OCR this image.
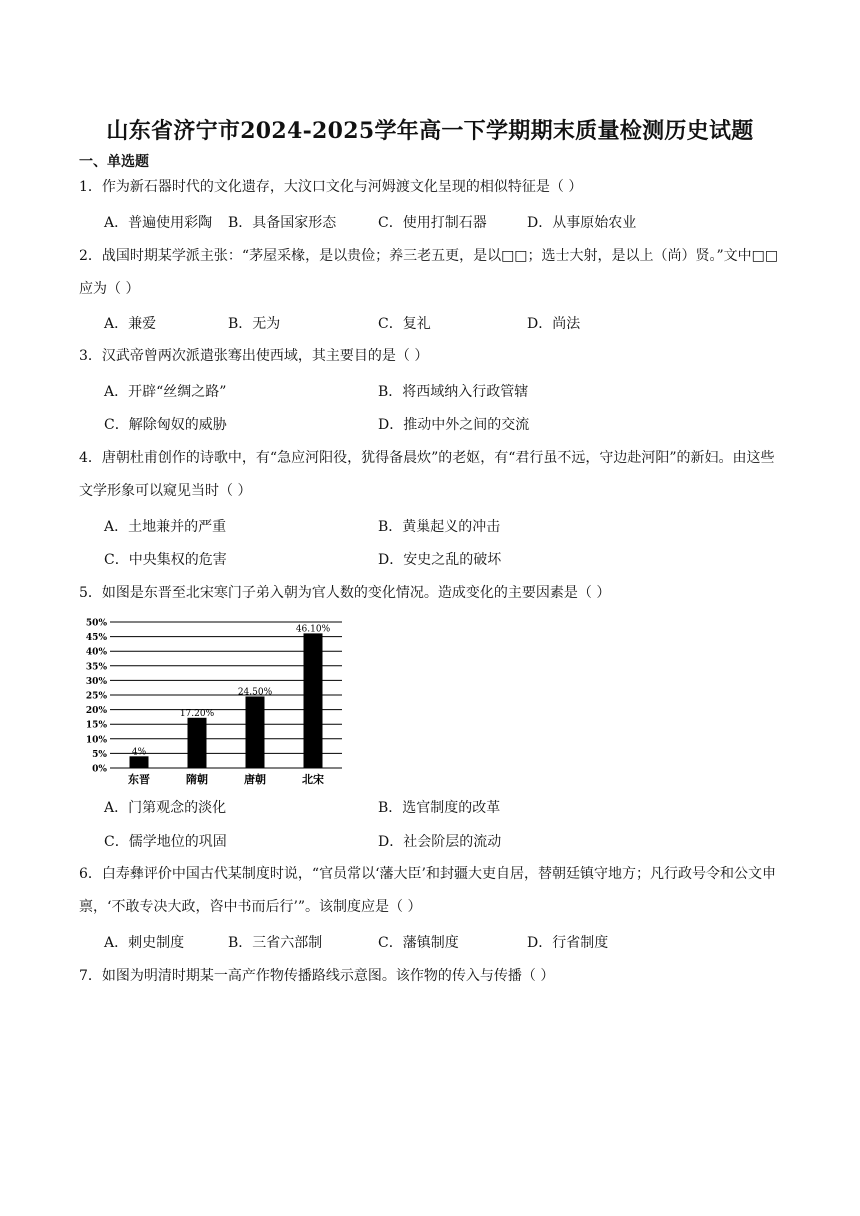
山东省济宁市2024-2025学年高一下学期期末质量检测历史试题
一、单选题
1．作为新石器时代的文化遗存，大汶口文化与河姆渡文化呈现的相似特征是（ ）
A．普遍使用彩陶 B．具备国家形态	C．使用打制石器	D．从事原始农业
2．战国时期某学派主张：“茅屋采椽，是以贵俭；养三老五更，是以□□；选士大射，是以上（尚）贤。”文中□□应为（ ）
A．兼爱	B．无为	C．复礼	D．尚法
3．汉武帝曾两次派遣张骞出使西域，其主要目的是（ ）
A．开辟“丝绸之路”	B．将西域纳入行政管辖
C．解除匈奴的威胁	D．推动中外之间的交流
4．唐朝杜甫创作的诗歌中，有“急应河阳役，犹得备晨炊”的老妪，有“君行虽不远，守边赴河阳”的新妇。由这些文学形象可以窥见当时（ ）
A．土地兼并的严重	B．黄巢起义的冲击
C．中央集权的危害	D．安史之乱的破坏
5．如图是东晋至北宋寒门子弟入朝为官人数的变化情况。造成变化的主要因素是（ ）
0%
5%
10%
15%
20%
25%
30%
35%
40%
45%
50%
4%
17.20%
24.50%
46.10%
东晋	隋朝	唐朝	北宋
A．门第观念的淡化	B．选官制度的改革
C．儒学地位的巩固	D．社会阶层的流动
6．白寿彝评价中国古代某制度时说，“官员常以‘藩大臣’和封疆大吏自居，替朝廷镇守地方；凡行政号令和公文申禀，‘不敢专决大政，咨中书而后行’”。该制度应是（ ）
A．刺史制度	B．三省六部制	C．藩镇制度	D．行省制度
7．如图为明清时期某一高产作物传播路线示意图。该作物的传入与传播（ ）
